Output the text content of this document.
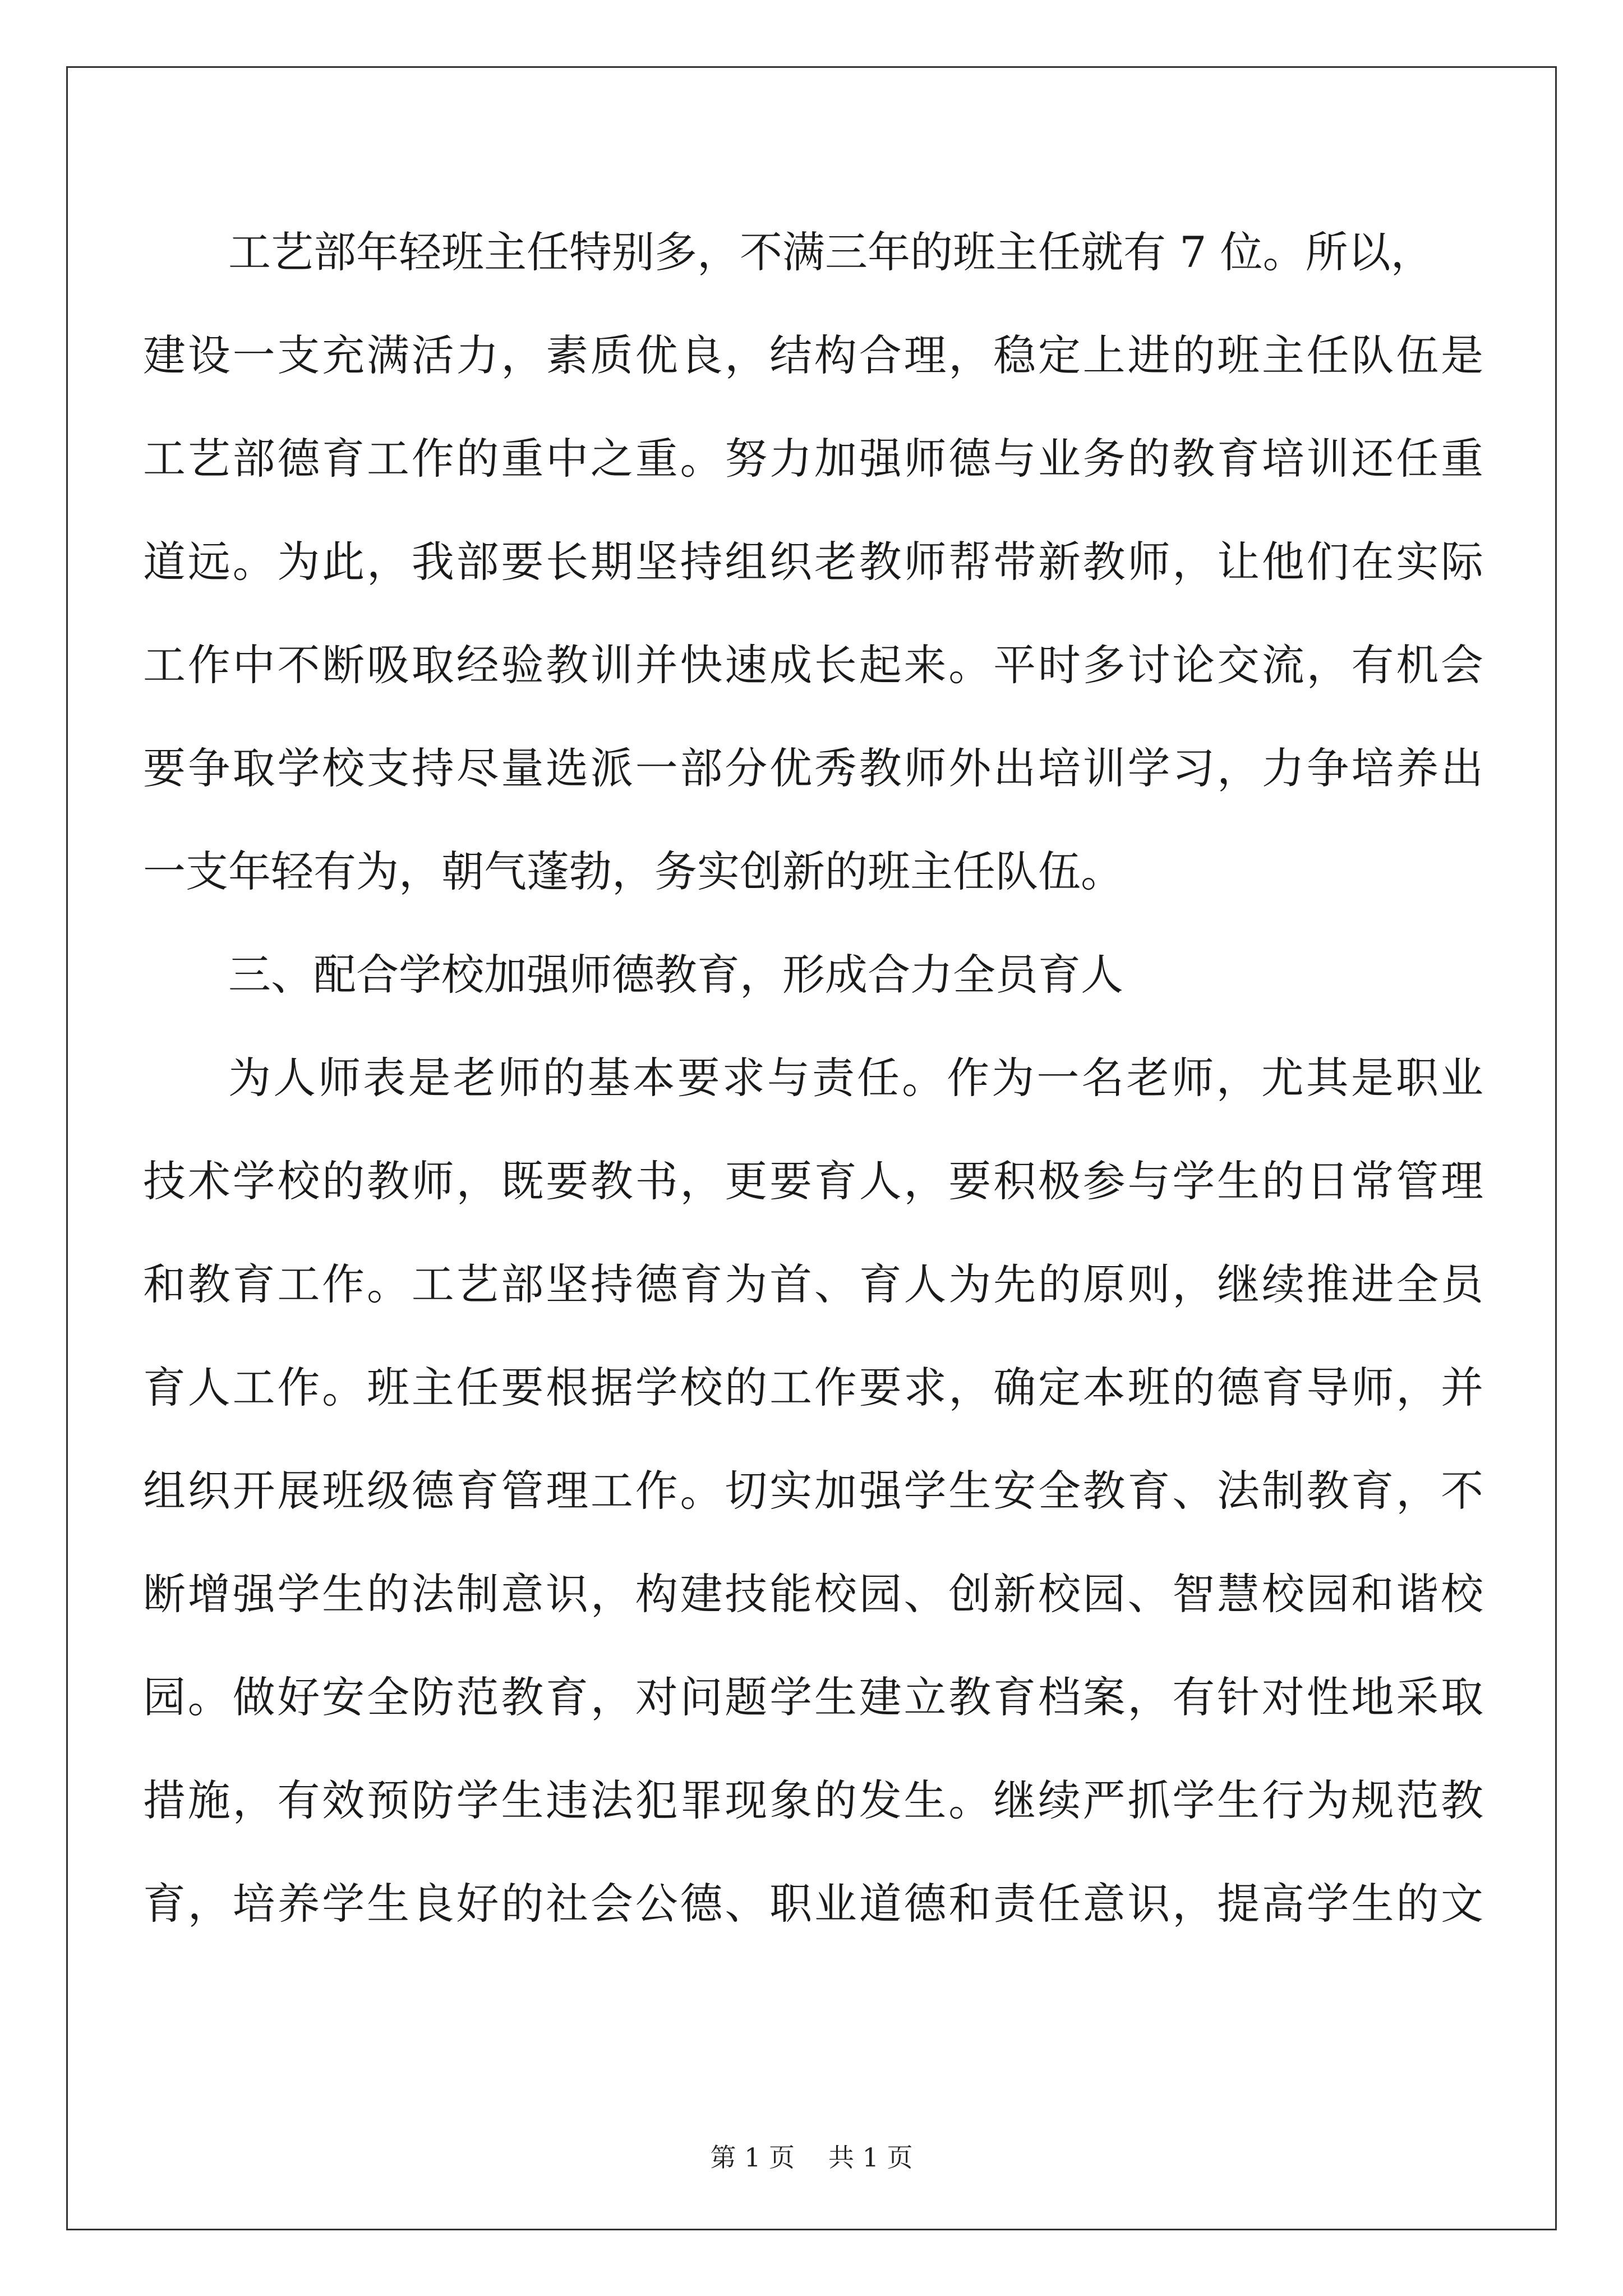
工艺部年轻班主任特别多，不满三年的班主任就有 7 位。所以，
建设一支充满活力，素质优良，结构合理，稳定上进的班主任队伍是
工艺部德育工作的重中之重。努力加强师德与业务的教育培训还任重
道远。为此，我部要长期坚持组织老教师帮带新教师，让他们在实际
工作中不断吸取经验教训并快速成长起来。平时多讨论交流，有机会
要争取学校支持尽量选派一部分优秀教师外出培训学习，力争培养出
一支年轻有为，朝气蓬勃，务实创新的班主任队伍。
三、配合学校加强师德教育，形成合力全员育人
为人师表是老师的基本要求与责任。作为一名老师，尤其是职业
技术学校的教师，既要教书，更要育人，要积极参与学生的日常管理
和教育工作。工艺部坚持德育为首、育人为先的原则，继续推进全员
育人工作。班主任要根据学校的工作要求，确定本班的德育导师，并
组织开展班级德育管理工作。切实加强学生安全教育、法制教育，不
断增强学生的法制意识，构建技能校园、创新校园、智慧校园和谐校
园。做好安全防范教育，对问题学生建立教育档案，有针对性地采取
措施，有效预防学生违法犯罪现象的发生。继续严抓学生行为规范教
育，培养学生良好的社会公德、职业道德和责任意识，提高学生的文
第 1 页 共 1 页
